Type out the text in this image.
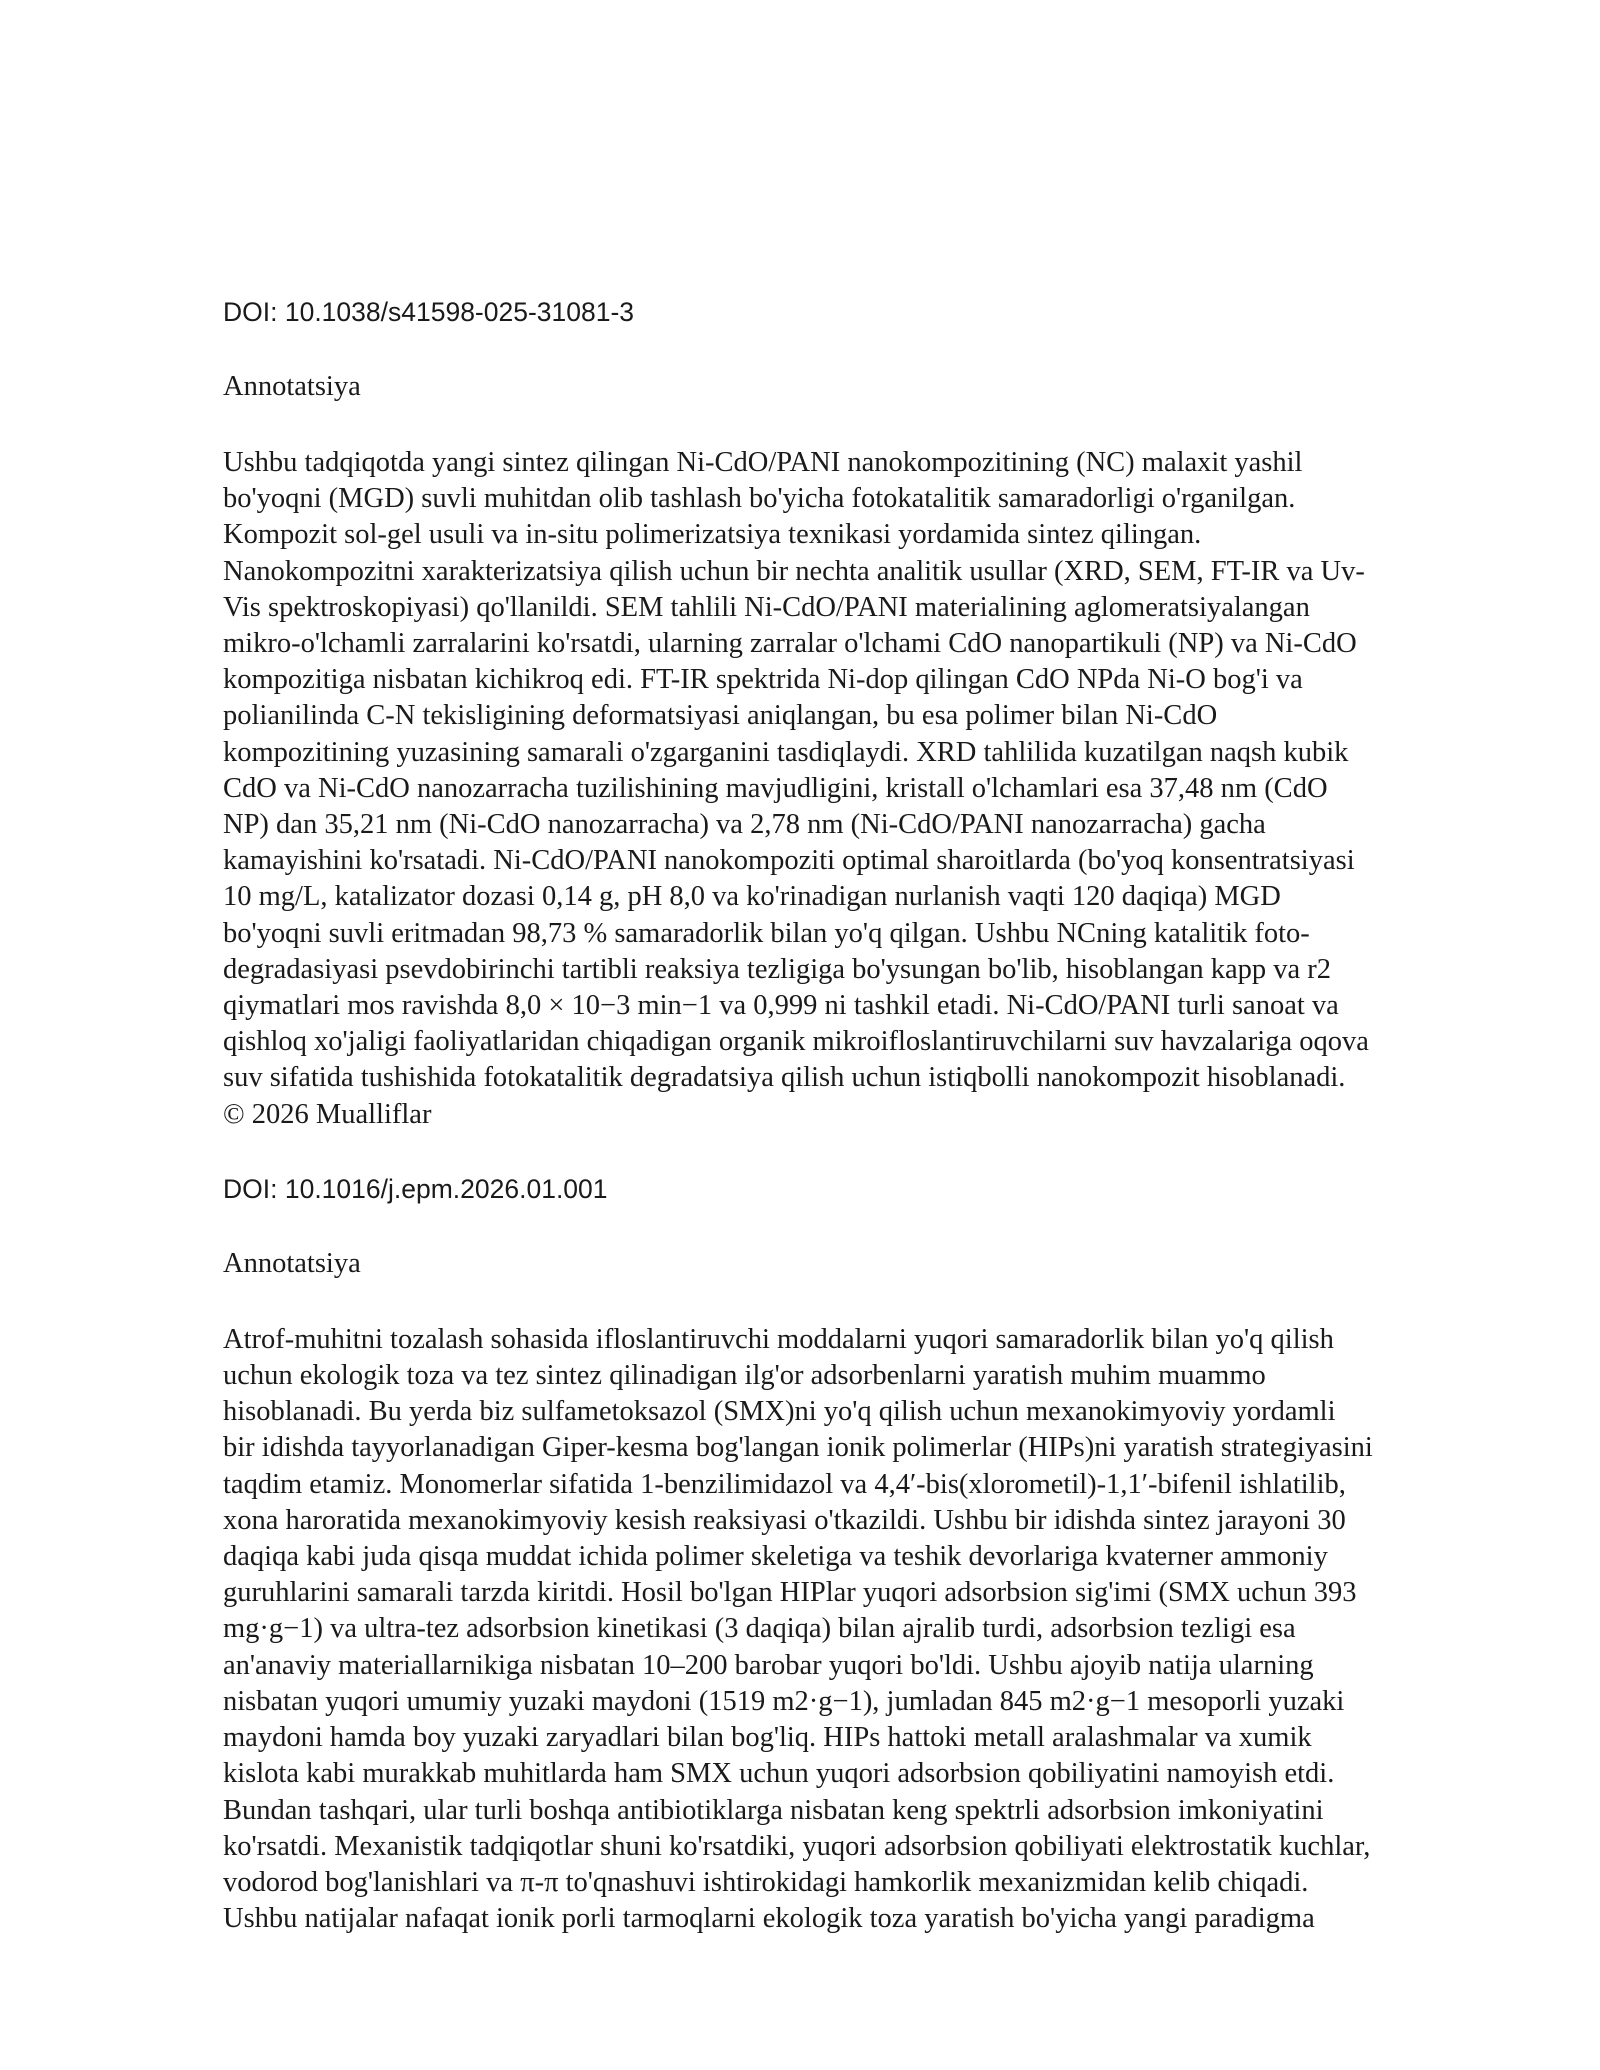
DOI: 10.1038/s41598-025-31081-3

Annotatsiya

Ushbu tadqiqotda yangi sintez qilingan Ni-CdO/PANI nanokompozitining (NC) malaxit yashil
bo'yoqni (MGD) suvli muhitdan olib tashlash bo'yicha fotokatalitik samaradorligi o'rganilgan.
Kompozit sol-gel usuli va in-situ polimerizatsiya texnikasi yordamida sintez qilingan.
Nanokompozitni xarakterizatsiya qilish uchun bir nechta analitik usullar (XRD, SEM, FT-IR va Uv-
Vis spektroskopiyasi) qo'llanildi. SEM tahlili Ni-CdO/PANI materialining aglomeratsiyalangan
mikro-o'lchamli zarralarini ko'rsatdi, ularning zarralar o'lchami CdO nanopartikuli (NP) va Ni-CdO
kompozitiga nisbatan kichikroq edi. FT-IR spektrida Ni-dop qilingan CdO NPda Ni-O bog'i va
polianilinda C-N tekisligining deformatsiyasi aniqlangan, bu esa polimer bilan Ni-CdO
kompozitining yuzasining samarali o'zgarganini tasdiqlaydi. XRD tahlilida kuzatilgan naqsh kubik
CdO va Ni-CdO nanozarracha tuzilishining mavjudligini, kristall o'lchamlari esa 37,48 nm (CdO
NP) dan 35,21 nm (Ni-CdO nanozarracha) va 2,78 nm (Ni-CdO/PANI nanozarracha) gacha
kamayishini ko'rsatadi. Ni-CdO/PANI nanokompoziti optimal sharoitlarda (bo'yoq konsentratsiyasi
10 mg/L, katalizator dozasi 0,14 g, pH 8,0 va ko'rinadigan nurlanish vaqti 120 daqiqa) MGD
bo'yoqni suvli eritmadan 98,73 % samaradorlik bilan yo'q qilgan. Ushbu NCning katalitik foto-
degradasiyasi psevdobirinchi tartibli reaksiya tezligiga bo'ysungan bo'lib, hisoblangan kapp va r2
qiymatlari mos ravishda 8,0 × 10−3 min−1 va 0,999 ni tashkil etadi. Ni-CdO/PANI turli sanoat va
qishloq xo'jaligi faoliyatlaridan chiqadigan organik mikroifloslantiruvchilarni suv havzalariga oqova
suv sifatida tushishida fotokatalitik degradatsiya qilish uchun istiqbolli nanokompozit hisoblanadi.
© 2026 Mualliflar

DOI: 10.1016/j.epm.2026.01.001

Annotatsiya

Atrof-muhitni tozalash sohasida ifloslantiruvchi moddalarni yuqori samaradorlik bilan yo'q qilish
uchun ekologik toza va tez sintez qilinadigan ilg'or adsorbenlarni yaratish muhim muammo
hisoblanadi. Bu yerda biz sulfametoksazol (SMX)ni yo'q qilish uchun mexanokimyoviy yordamli
bir idishda tayyorlanadigan Giper-kesma bog'langan ionik polimerlar (HIPs)ni yaratish strategiyasini
taqdim etamiz. Monomerlar sifatida 1-benzilimidazol va 4,4′-bis(xlorometil)-1,1′-bifenil ishlatilib,
xona haroratida mexanokimyoviy kesish reaksiyasi o'tkazildi. Ushbu bir idishda sintez jarayoni 30
daqiqa kabi juda qisqa muddat ichida polimer skeletiga va teshik devorlariga kvaterner ammoniy
guruhlarini samarali tarzda kiritdi. Hosil bo'lgan HIPlar yuqori adsorbsion sig'imi (SMX uchun 393
mg·g−1) va ultra-tez adsorbsion kinetikasi (3 daqiqa) bilan ajralib turdi, adsorbsion tezligi esa
an'anaviy materiallarnikiga nisbatan 10–200 barobar yuqori bo'ldi. Ushbu ajoyib natija ularning
nisbatan yuqori umumiy yuzaki maydoni (1519 m2·g−1), jumladan 845 m2·g−1 mesoporli yuzaki
maydoni hamda boy yuzaki zaryadlari bilan bog'liq. HIPs hattoki metall aralashmalar va xumik
kislota kabi murakkab muhitlarda ham SMX uchun yuqori adsorbsion qobiliyatini namoyish etdi.
Bundan tashqari, ular turli boshqa antibiotiklarga nisbatan keng spektrli adsorbsion imkoniyatini
ko'rsatdi. Mexanistik tadqiqotlar shuni ko'rsatdiki, yuqori adsorbsion qobiliyati elektrostatik kuchlar,
vodorod bog'lanishlari va π-π to'qnashuvi ishtirokidagi hamkorlik mexanizmidan kelib chiqadi.
Ushbu natijalar nafaqat ionik porli tarmoqlarni ekologik toza yaratish bo'yicha yangi paradigma
